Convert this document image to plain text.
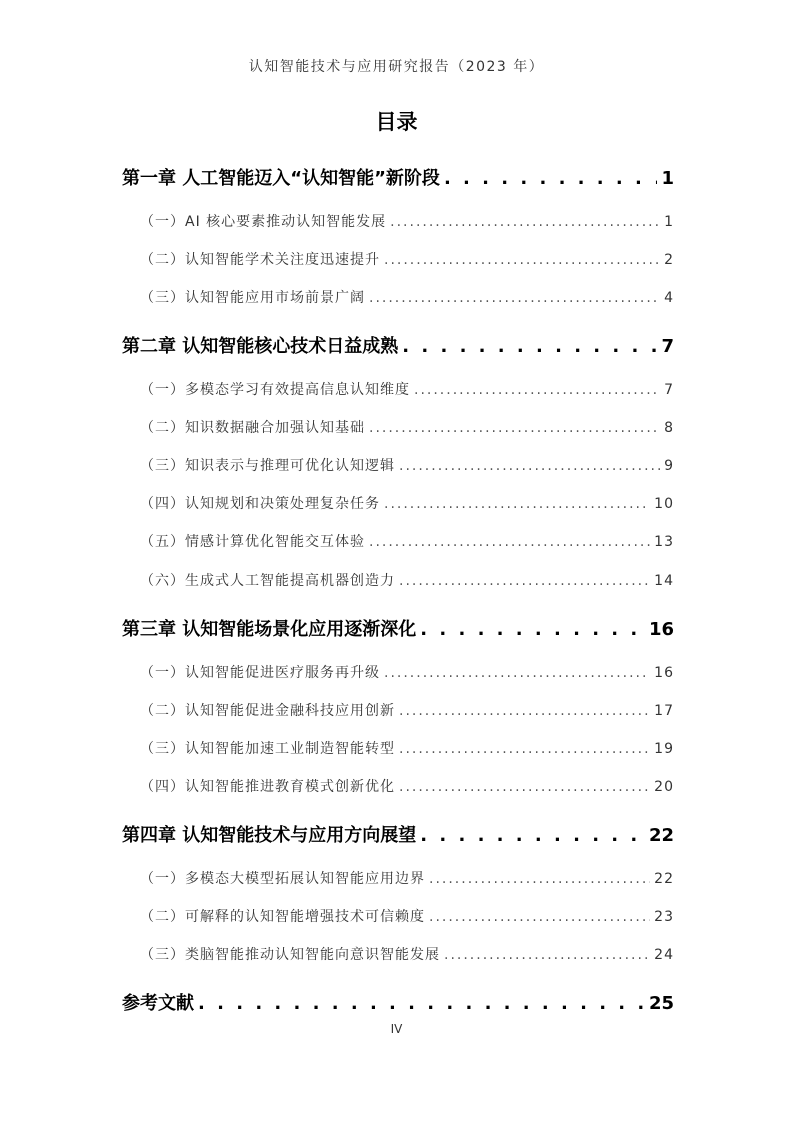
认知智能技术与应用研究报告（2023 年）
目录
第一章 人工智能迈入“认知智能”新阶段 . . .	1
（一）AI 核心要素推动认知智能发展 .....	1
（二）认知智能学术关注度迅速提升 .....	2
（三）认知智能应用市场前景广阔 .....	4
第二章 认知智能核心技术日益成熟 . . .	7
（一）多模态学习有效提高信息认知维度 .....	7
（二）知识数据融合加强认知基础 .....	8
（三）知识表示与推理可优化认知逻辑 .....	9
（四）认知规划和决策处理复杂任务 .....	10
（五）情感计算优化智能交互体验 .....	13
（六）生成式人工智能提高机器创造力 .....	14
第三章 认知智能场景化应用逐渐深化 . . .	16
（一）认知智能促进医疗服务再升级 .....	16
（二）认知智能促进金融科技应用创新 .....	17
（三）认知智能加速工业制造智能转型 .....	19
（四）认知智能推进教育模式创新优化 .....	20
第四章 认知智能技术与应用方向展望 . . .	22
（一）多模态大模型拓展认知智能应用边界 .....	22
（二）可解释的认知智能增强技术可信赖度 .....	23
（三）类脑智能推动认知智能向意识智能发展 .....	24
参考文献 . . .	25
IV
